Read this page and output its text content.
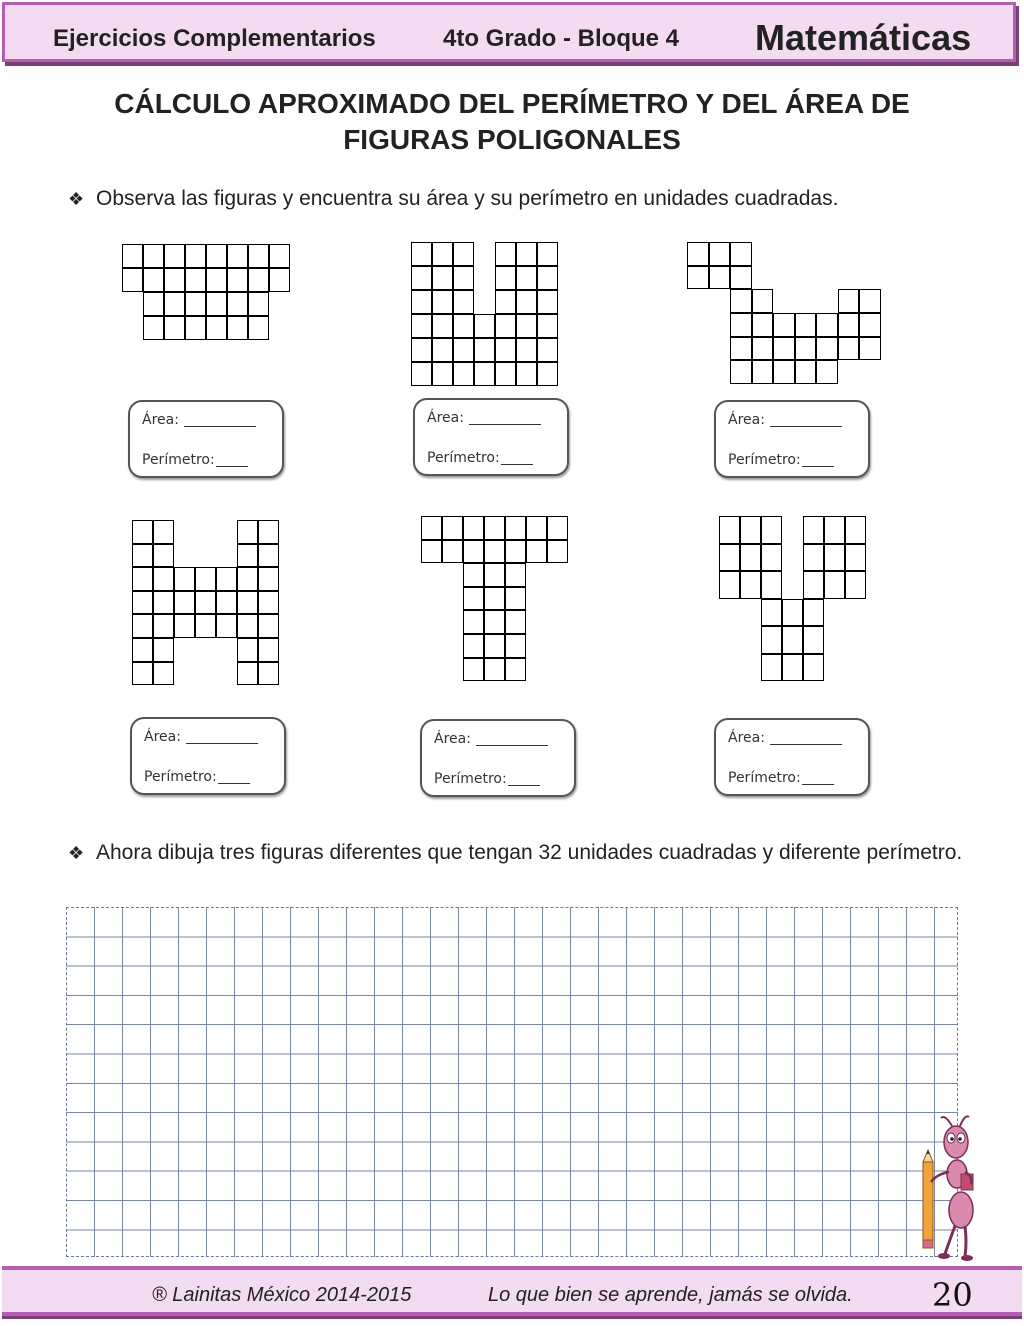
Ejercicios Complementarios	4to Grado - Bloque 4 Matemáticas
CÁLCULO APROXIMADO DEL PERÍMETRO Y DEL ÁREA DE
FIGURAS POLIGONALES
❖ Observa las figuras y encuentra su área y su perímetro en unidades cuadradas.
Área:
Perímetro:
Área:
Perímetro:
Área:
Perímetro:
Área:
Perímetro:
Área:
Perímetro:
Área:
Perímetro:
❖ Ahora dibuja tres figuras diferentes que tengan 32 unidades cuadradas y diferente perímetro.
® Lainitas México 2014-2015	Lo que bien se aprende, jamás se olvida. 20
